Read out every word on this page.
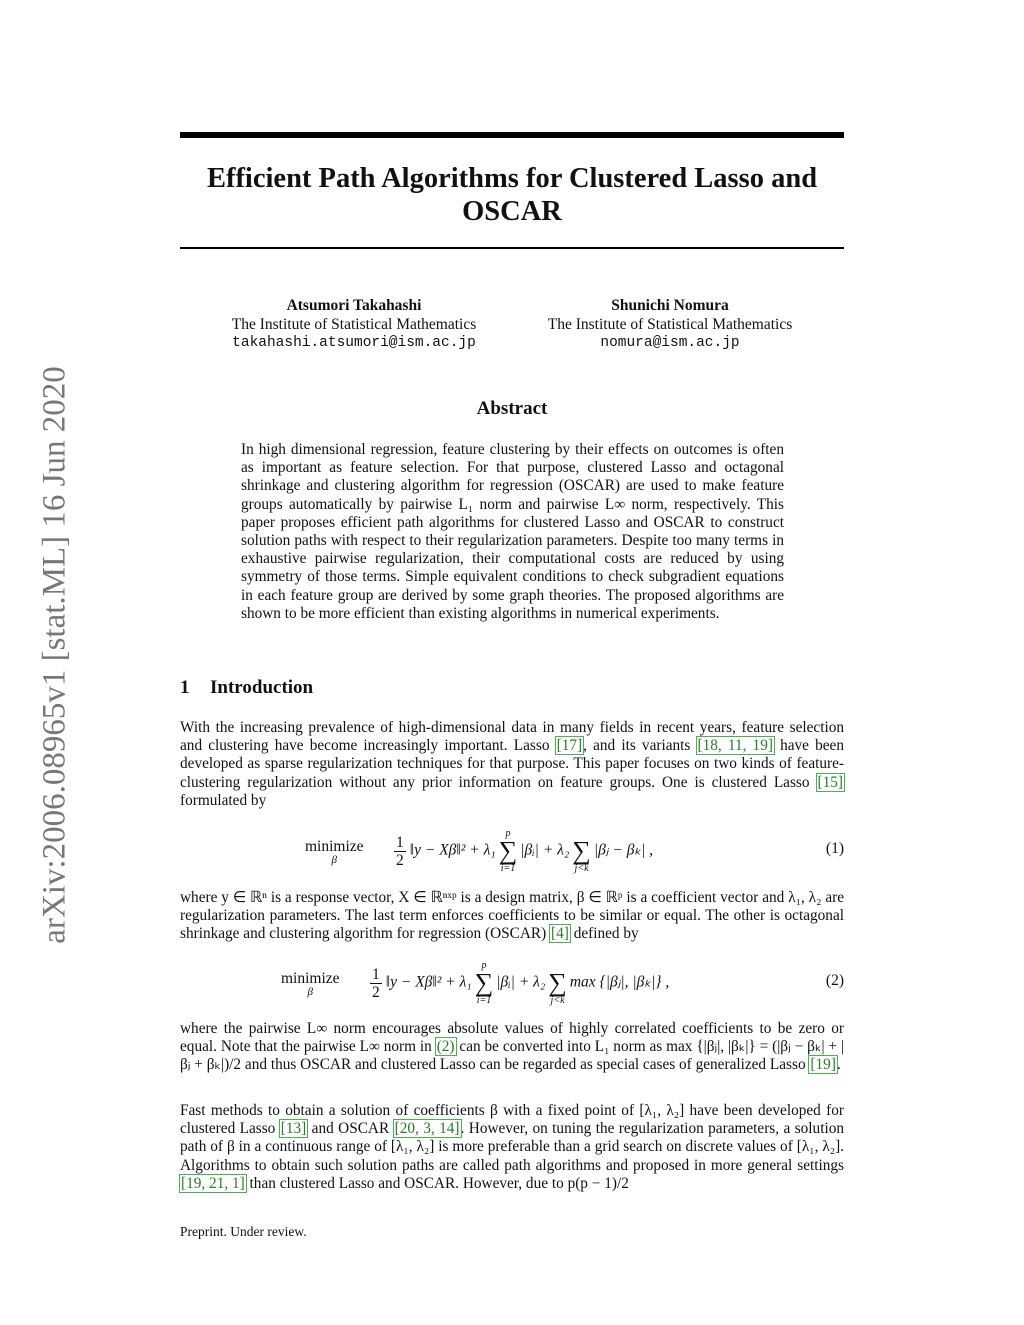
arXiv:2006.08965v1 [stat.ML] 16 Jun 2020
Efficient Path Algorithms for Clustered Lasso and
OSCAR
Atsumori Takahashi
The Institute of Statistical Mathematics
takahashi.atsumori@ism.ac.jp
Shunichi Nomura
The Institute of Statistical Mathematics
nomura@ism.ac.jp
Abstract
In high dimensional regression, feature clustering by their effects on outcomes is often as important as feature selection. For that purpose, clustered Lasso and octagonal shrinkage and clustering algorithm for regression (OSCAR) are used to make feature groups automatically by pairwise L₁ norm and pairwise L∞ norm, respectively. This paper proposes efficient path algorithms for clustered Lasso and OSCAR to construct solution paths with respect to their regularization parameters. Despite too many terms in exhaustive pairwise regularization, their computational costs are reduced by using symmetry of those terms. Simple equivalent conditions to check subgradient equations in each feature group are derived by some graph theories. The proposed algorithms are shown to be more efficient than existing algorithms in numerical experiments.
1 Introduction

With the increasing prevalence of high-dimensional data in many fields in recent years, feature selection and clustering have become increasingly important. Lasso [17], and its variants [18, 11, 19] have been developed as sparse regularization techniques for that purpose. This paper focuses on two kinds of feature-clustering regularization without any prior information on feature groups. One is clustered Lasso [15] formulated by

minimize
β	$\frac{1}{2}$ ‖y − Xβ‖² + λ₁
p
∑
i=1
|βᵢ| + λ₂
∑
j<k
|βⱼ − βₖ| ,	(1)

where y ∈ ℝⁿ is a response vector, X ∈ ℝⁿˣᵖ is a design matrix, β ∈ ℝᵖ is a coefficient vector and λ₁, λ₂ are regularization parameters. The last term enforces coefficients to be similar or equal. The other is octagonal shrinkage and clustering algorithm for regression (OSCAR) [4] defined by

minimize
β	$\frac{1}{2}$ ‖y − Xβ‖² + λ₁
p
∑
i=1
|βᵢ| + λ₂
∑
j<k
max {|βⱼ|, |βₖ|} ,	(2)

where the pairwise L∞ norm encourages absolute values of highly correlated coefficients to be zero or equal. Note that the pairwise L∞ norm in (2) can be converted into L₁ norm as max {|βⱼ|, |βₖ|} = (|βⱼ − βₖ| + |βⱼ + βₖ|)/2 and thus OSCAR and clustered Lasso can be regarded as special cases of generalized Lasso [19].

Fast methods to obtain a solution of coefficients β with a fixed point of [λ₁, λ₂] have been developed for clustered Lasso [13] and OSCAR [20, 3, 14]. However, on tuning the regularization parameters, a solution path of β in a continuous range of [λ₁, λ₂] is more preferable than a grid search on discrete values of [λ₁, λ₂]. Algorithms to obtain such solution paths are called path algorithms and proposed in more general settings [19, 21, 1] than clustered Lasso and OSCAR. However, due to p(p − 1)/2

Preprint. Under review.
